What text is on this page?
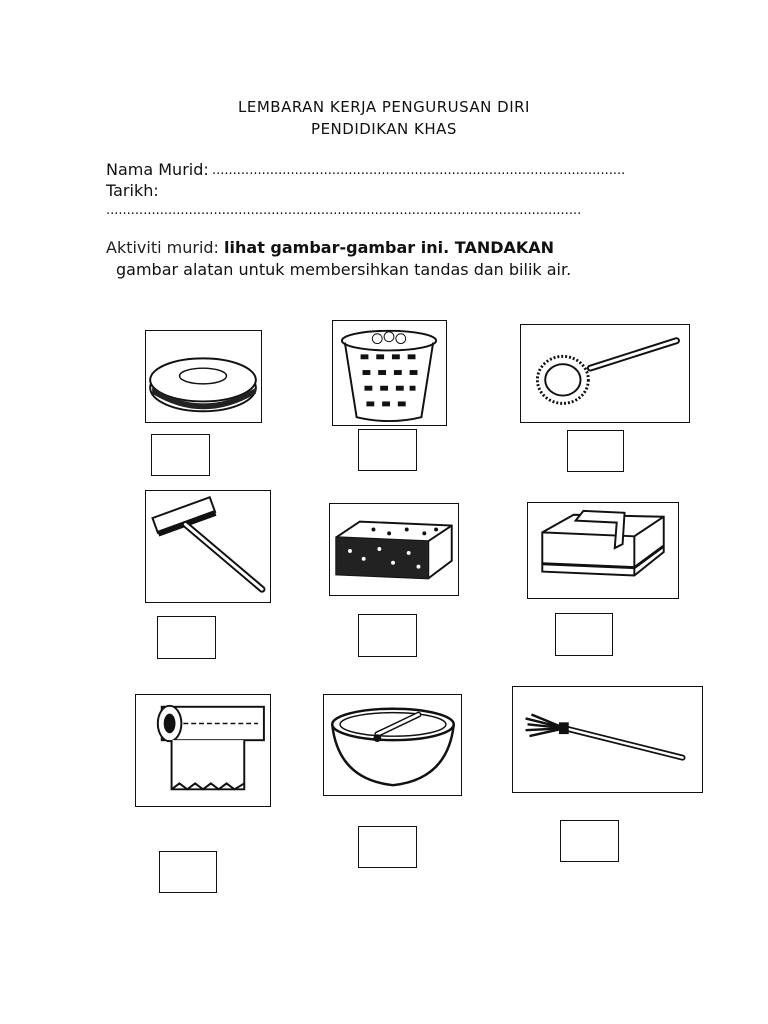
LEMBARAN KERJA PENGURUSAN DIRI
PENDIDIKAN KHAS
Nama Murid: ....................................................................................................
Tarikh:
...................................................................................................................
Aktiviti murid: lihat gambar-gambar ini. TANDAKAN
gambar alatan untuk membersihkan tandas dan bilik air.
